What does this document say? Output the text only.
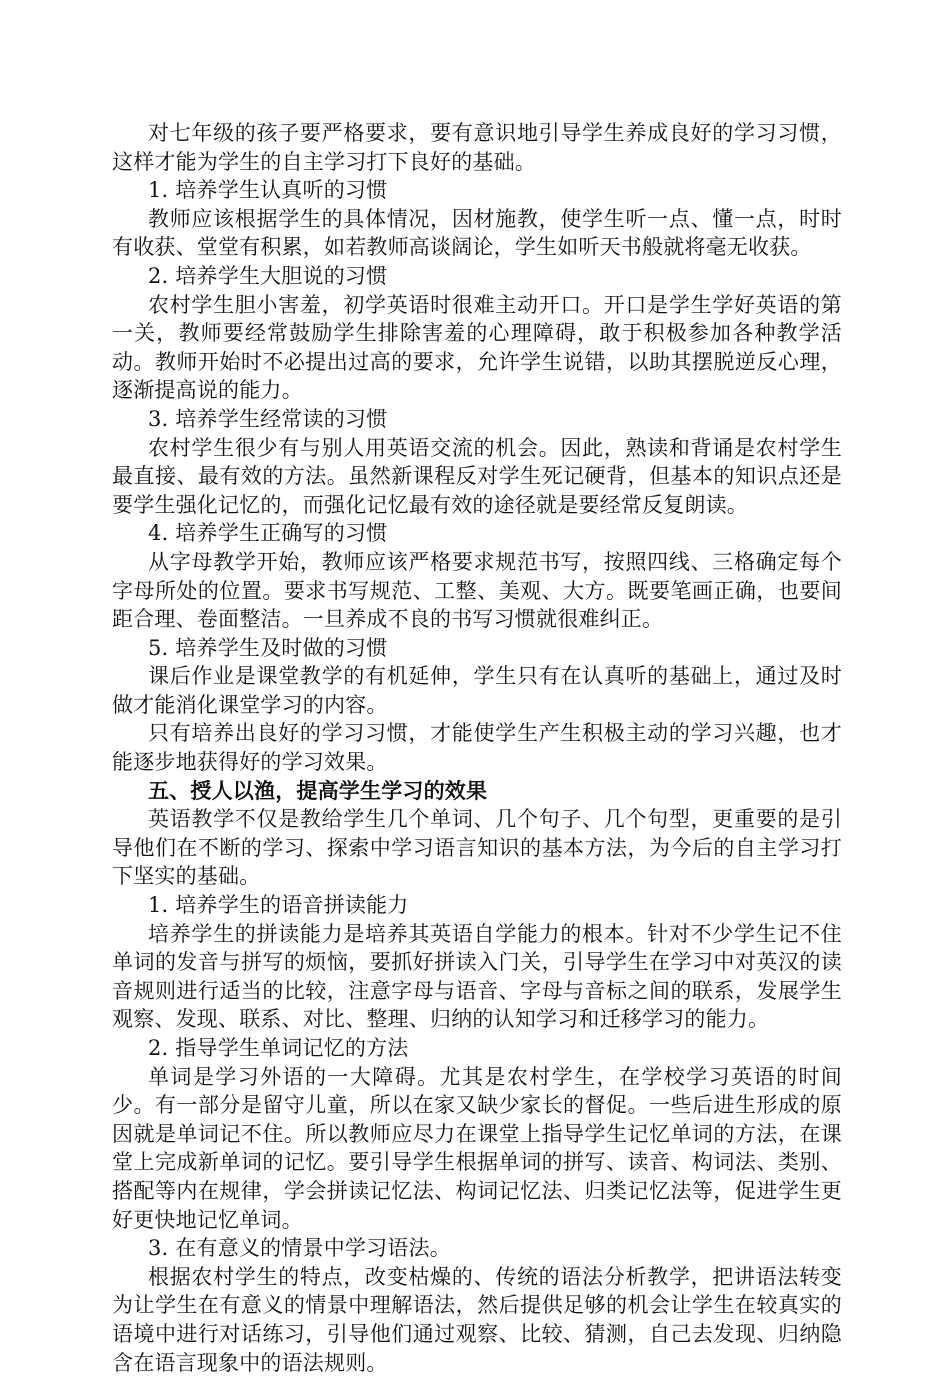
对七年级的孩子要严格要求，要有意识地引导学生养成良好的学习习惯，这样才能为学生的自主学习打下良好的基础。

1. 培养学生认真听的习惯

教师应该根据学生的具体情况，因材施教，使学生听一点、懂一点，时时有收获、堂堂有积累，如若教师高谈阔论，学生如听天书般就将毫无收获。

2. 培养学生大胆说的习惯

农村学生胆小害羞，初学英语时很难主动开口。开口是学生学好英语的第一关，教师要经常鼓励学生排除害羞的心理障碍，敢于积极参加各种教学活动。教师开始时不必提出过高的要求，允许学生说错，以助其摆脱逆反心理，逐渐提高说的能力。

3. 培养学生经常读的习惯

农村学生很少有与别人用英语交流的机会。因此，熟读和背诵是农村学生最直接、最有效的方法。虽然新课程反对学生死记硬背，但基本的知识点还是要学生强化记忆的，而强化记忆最有效的途径就是要经常反复朗读。

4. 培养学生正确写的习惯

从字母教学开始，教师应该严格要求规范书写，按照四线、三格确定每个字母所处的位置。要求书写规范、工整、美观、大方。既要笔画正确，也要间距合理、卷面整洁。一旦养成不良的书写习惯就很难纠正。

5. 培养学生及时做的习惯

课后作业是课堂教学的有机延伸，学生只有在认真听的基础上，通过及时做才能消化课堂学习的内容。

只有培养出良好的学习习惯，才能使学生产生积极主动的学习兴趣，也才能逐步地获得好的学习效果。

五、授人以渔，提高学生学习的效果

英语教学不仅是教给学生几个单词、几个句子、几个句型，更重要的是引导他们在不断的学习、探索中学习语言知识的基本方法，为今后的自主学习打下坚实的基础。

1. 培养学生的语音拼读能力

培养学生的拼读能力是培养其英语自学能力的根本。针对不少学生记不住单词的发音与拼写的烦恼，要抓好拼读入门关，引导学生在学习中对英汉的读音规则进行适当的比较，注意字母与语音、字母与音标之间的联系，发展学生观察、发现、联系、对比、整理、归纳的认知学习和迁移学习的能力。

2. 指导学生单词记忆的方法

单词是学习外语的一大障碍。尤其是农村学生，在学校学习英语的时间少。有一部分是留守儿童，所以在家又缺少家长的督促。一些后进生形成的原因就是单词记不住。所以教师应尽力在课堂上指导学生记忆单词的方法，在课堂上完成新单词的记忆。要引导学生根据单词的拼写、读音、构词法、类别、搭配等内在规律，学会拼读记忆法、构词记忆法、归类记忆法等，促进学生更好更快地记忆单词。

3. 在有意义的情景中学习语法。

根据农村学生的特点，改变枯燥的、传统的语法分析教学，把讲语法转变为让学生在有意义的情景中理解语法，然后提供足够的机会让学生在较真实的语境中进行对话练习，引导他们通过观察、比较、猜测，自己去发现、归纳隐含在语言现象中的语法规则。
